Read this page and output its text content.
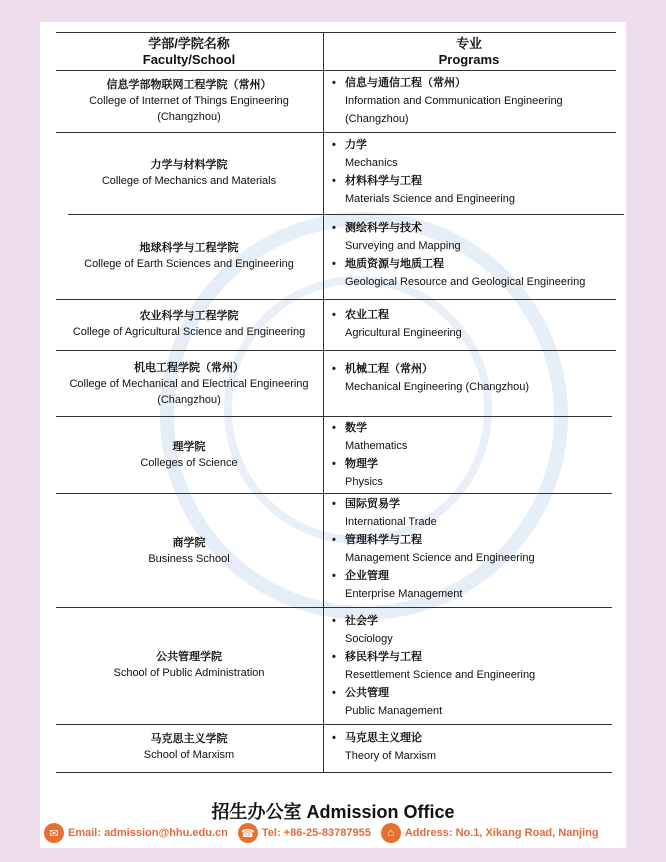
学部/学院名称
Faculty/School
专业
Programs
信息学部物联网工程学院（常州）
College of Internet of Things Engineering (Changzhou)
• 信息与通信工程（常州）
Information and Communication Engineering (Changzhou)
力学与材料学院
College of Mechanics and Materials
• 力学
Mechanics
• 材料科学与工程
Materials Science and Engineering
地球科学与工程学院
College of Earth Sciences and Engineering
• 测绘科学与技术
Surveying and Mapping
• 地质资源与地质工程
Geological Resource and Geological Engineering
农业科学与工程学院
College of Agricultural Science and Engineering
• 农业工程
Agricultural Engineering
机电工程学院（常州）
College of Mechanical and Electrical Engineering (Changzhou)
• 机械工程（常州）
Mechanical Engineering (Changzhou)
理学院
Colleges of Science
• 数学
Mathematics
• 物理学
Physics
商学院
Business School
• 国际贸易学
International Trade
• 管理科学与工程
Management Science and Engineering
• 企业管理
Enterprise Management
公共管理学院
School of Public Administration
• 社会学
Sociology
• 移民科学与工程
Resettlement Science and Engineering
• 公共管理
Public Management
马克思主义学院
School of Marxism
• 马克思主义理论
Theory of Marxism
招生办公室 Admission Office
✉ Email: admission@hhu.edu.cn ☎ Tel: +86-25-83787955	⌂ Address: No.1, Xikang Road, Nanjing
